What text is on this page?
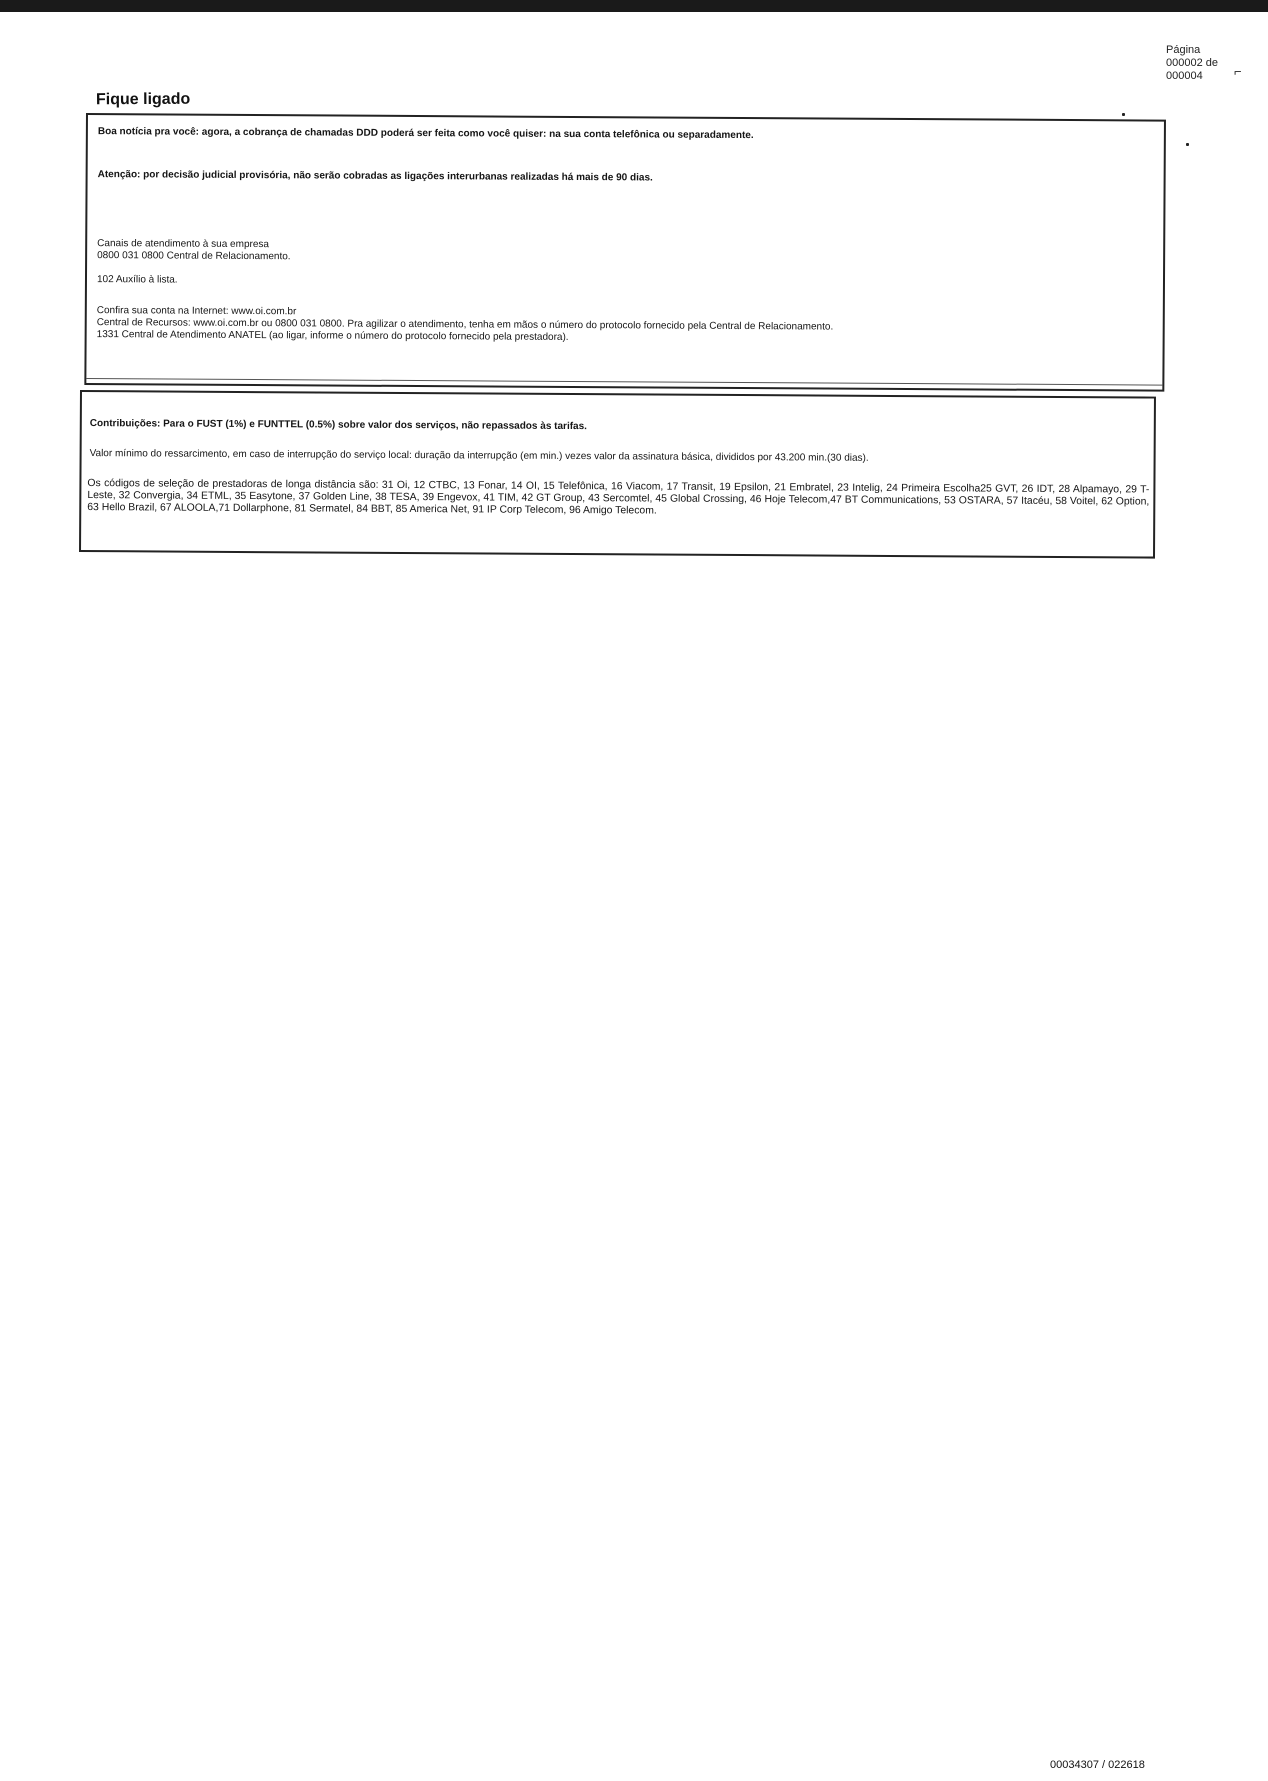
Página
000002 de
000004	⌐
Fique ligado
Boa notícia pra você: agora, a cobrança de chamadas DDD poderá ser feita como você quiser: na sua conta telefônica ou separadamente.
Atenção: por decisão judicial provisória, não serão cobradas as ligações interurbanas realizadas há mais de 90 dias.
Canais de atendimento à sua empresa
0800 031 0800 Central de Relacionamento.
102 Auxílio à lista.
Confira sua conta na Internet: www.oi.com.br
Central de Recursos: www.oi.com.br ou 0800 031 0800. Pra agilizar o atendimento, tenha em mãos o número do protocolo fornecido pela Central de Relacionamento.
1331 Central de Atendimento ANATEL (ao ligar, informe o número do protocolo fornecido pela prestadora).
Contribuições: Para o FUST (1%) e FUNTTEL (0.5%) sobre valor dos serviços, não repassados às tarifas.
Valor mínimo do ressarcimento, em caso de interrupção do serviço local: duração da interrupção (em min.) vezes valor da assinatura básica, divididos por 43.200 min.(30 dias).
Os códigos de seleção de prestadoras de longa distância são: 31 Oi, 12 CTBC, 13 Fonar, 14 OI, 15 Telefônica, 16 Viacom, 17 Transit, 19 Epsilon, 21 Embratel, 23 Intelig, 24 Primeira Escolha25 GVT, 26 IDT, 28 Alpamayo, 29 T-Leste, 32 Convergia, 34 ETML, 35 Easytone, 37 Golden Line, 38 TESA, 39 Engevox, 41 TIM, 42 GT Group, 43 Sercomtel, 45 Global Crossing, 46 Hoje Telecom,47 BT Communications, 53 OSTARA, 57 Itacéu, 58 Voitel, 62 Option, 63 Hello Brazil, 67 ALOOLA,71 Dollarphone, 81 Sermatel, 84 BBT, 85 America Net, 91 IP Corp Telecom, 96 Amigo Telecom.
00034307 / 022618
